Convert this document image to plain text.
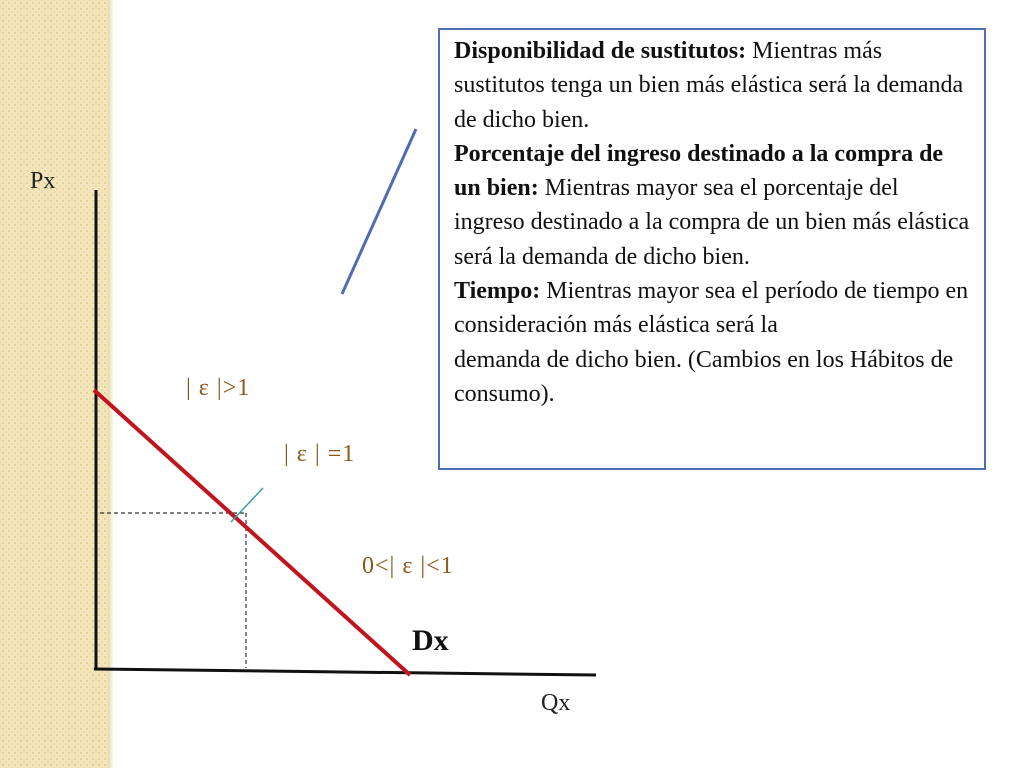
Px
Qx
| ε |>1
| ε | =1
0<| ε |<1
Dx

Disponibilidad de sustitutos: Mientras más sustitutos tenga un bien más elástica será la demanda de dicho bien.

Porcentaje del ingreso destinado a la compra de un bien: Mientras mayor sea el porcentaje del ingreso destinado a la compra de un bien más elástica será la demanda de dicho bien.

Tiempo: Mientras mayor sea el período de tiempo en consideración más elástica será la

demanda de dicho bien. (Cambios en los Hábitos de consumo).
